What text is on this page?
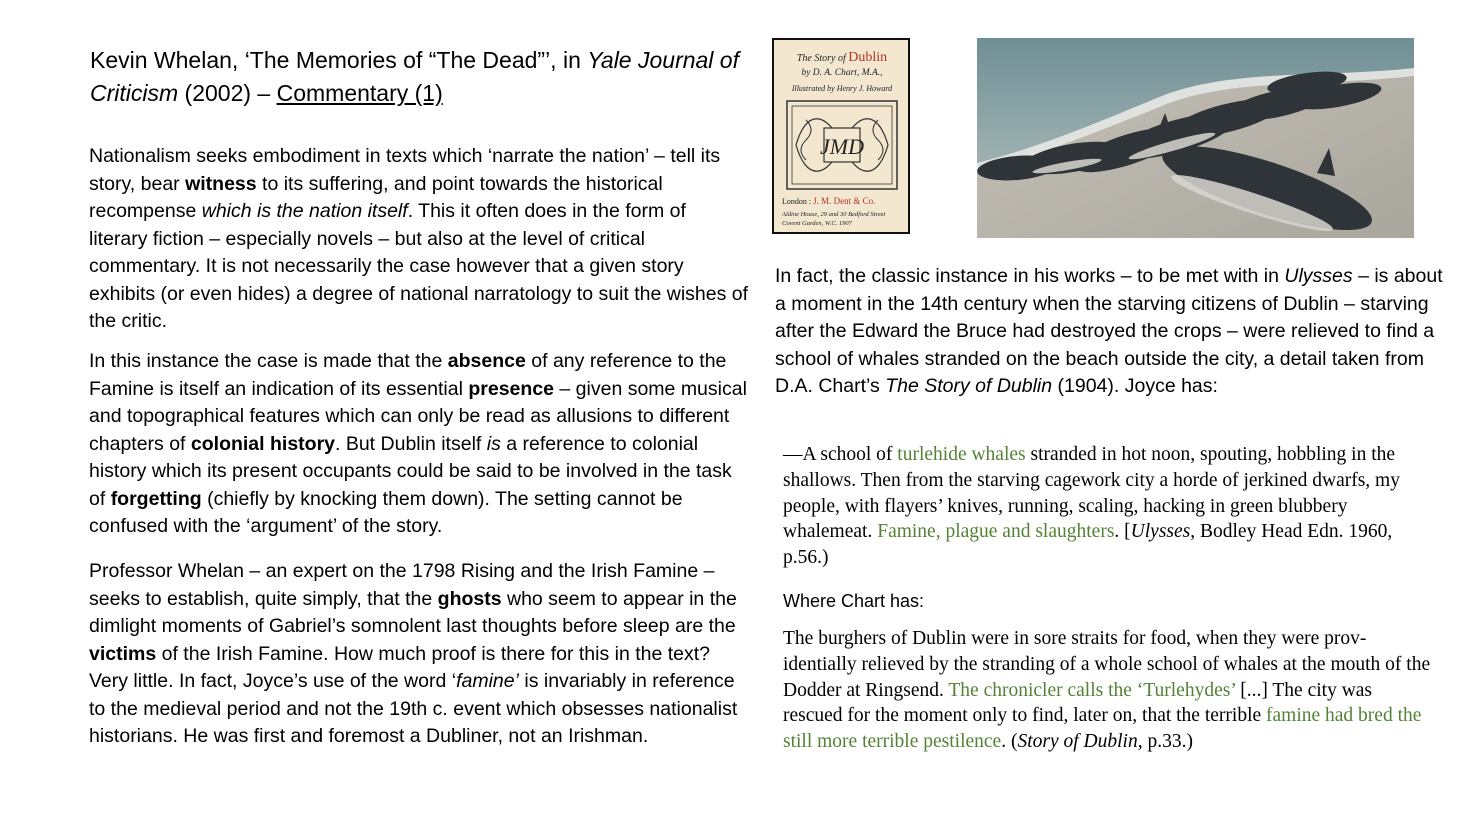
Kevin Whelan, ‘The Memories of “The Dead”’, in Yale Journal of Criticism (2002) – Commentary (1)

Nationalism seeks embodiment in texts which ‘narrate the nation’ – tell its story, bear witness to its suffering, and point towards the historical recompense which is the nation itself. This it often does in the form of literary fiction – especially novels – but also at the level of critical commentary. It is not necessarily the case however that a given story exhibits (or even hides) a degree of national narratology to suit the wishes of the critic.

In this instance the case is made that the absence of any reference to the Famine is itself an indication of its essential presence – given some musical and topographical features which can only be read as allusions to different chapters of colonial history. But Dublin itself is a reference to colonial history which its present occupants could be said to be involved in the task of forgetting (chiefly by knocking them down). The setting cannot be confused with the ‘argument’ of the story.

Professor Whelan – an expert on the 1798 Rising and the Irish Famine – seeks to establish, quite simply, that the ghosts who seem to appear in the dimlight moments of Gabriel’s somnolent last thoughts before sleep are the victims of the Irish Famine. How much proof is there for this in the text? Very little. In fact, Joyce’s use of the word ‘famine’ is invariably in reference to the medieval period and not the 19th c. event which obsesses nationalist historians. He was first and foremost a Dubliner, not an Irishman.

The Story of Dublin
by D. A. Chart, M.A.,
Illustrated by Henry J. Howard
JMD
London : J. M. Dent & Co.
Aldine House, 29 and 30 Bedford Street Covent Garden, W.C. 1907

In fact, the classic instance in his works – to be met with in Ulysses – is about a moment in the 14th century when the starving citizens of Dublin – starving after the Edward the Bruce had destroyed the crops – were relieved to find a school of whales stranded on the beach outside the city, a detail taken from D.A. Chart’s The Story of Dublin (1904). Joyce has:

—A school of turlehide whales stranded in hot noon, spouting, hobbling in the shallows. Then from the starving cagework city a horde of jerkined dwarfs, my people, with flayers’ knives, running, scaling, hacking in green blubbery whalemeat. Famine, plague and slaughters. [Ulysses, Bodley Head Edn. 1960, p.56.)

Where Chart has:

The burghers of Dublin were in sore straits for food, when they were prov-identially relieved by the stranding of a whole school of whales at the mouth of the Dodder at Ringsend. The chronicler calls the ‘Turlehydes’ [...] The city was rescued for the moment only to find, later on, that the terrible famine had bred the still more terrible pestilence. (Story of Dublin, p.33.)
